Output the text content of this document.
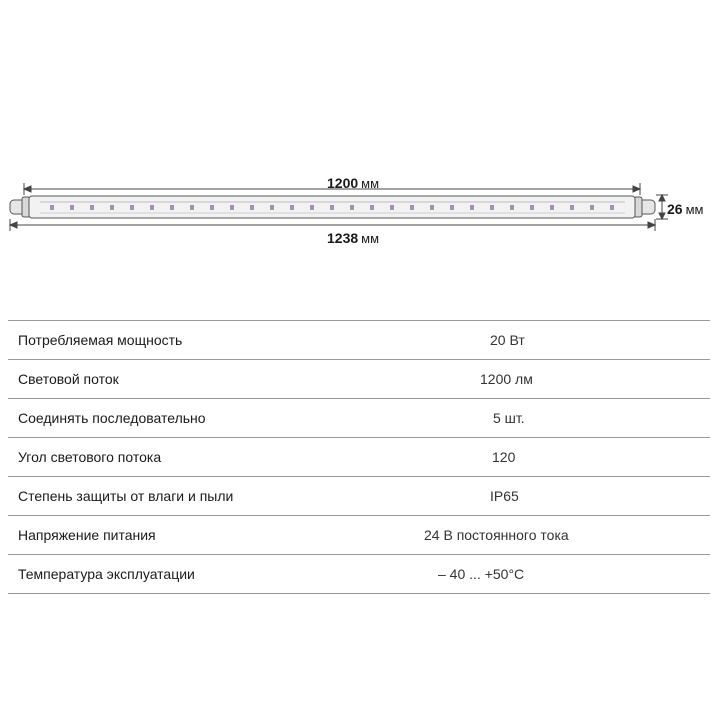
1200 мм
1238 мм
26 мм
Потребляемая мощность	20 Вт
Световой поток	1200 лм
Соединять последовательно	5 шт.
Угол светового потока	120
Степень защиты от влаги и пыли	IP65
Напряжение питания	24 В постоянного тока
Температура эксплуатации	– 40 ... +50°C
